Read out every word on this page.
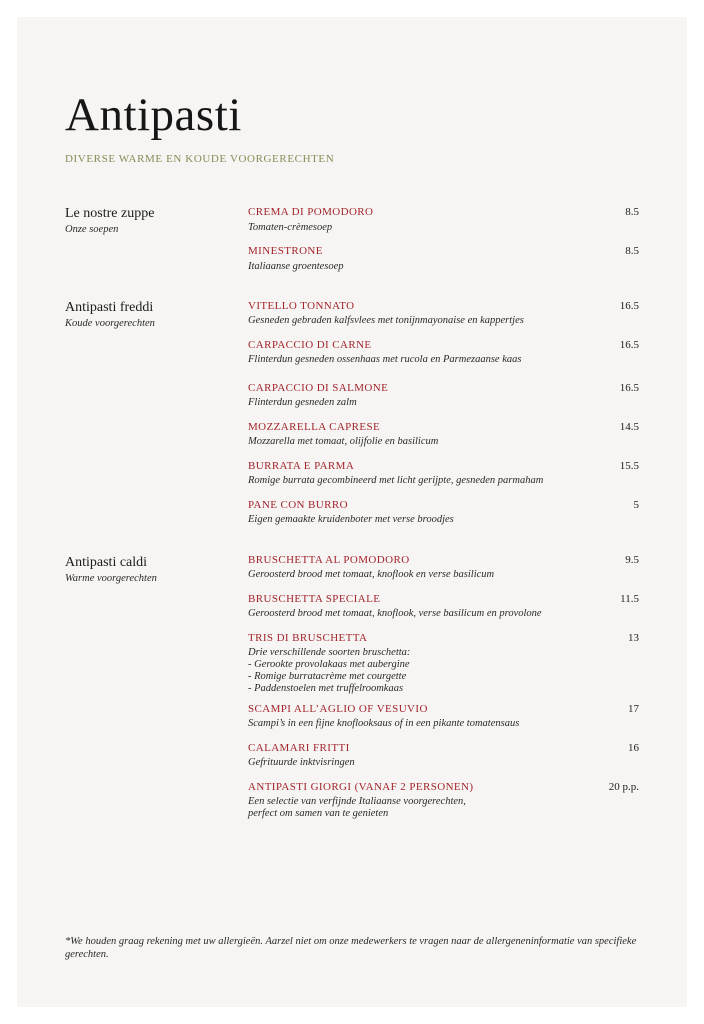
Antipasti
DIVERSE WARME EN KOUDE VOORGERECHTEN
Le nostre zuppe
Onze soepen
CREMA DI POMODORO	8.5
Tomaten-crèmesoep
MINESTRONE	8.5
Italiaanse groentesoep
Antipasti freddi
Koude voorgerechten
VITELLO TONNATO	16.5
Gesneden gebraden kalfsvlees met tonijnmayonaise en kappertjes
CARPACCIO DI CARNE	16.5
Flinterdun gesneden ossenhaas met rucola en Parmezaanse kaas
CARPACCIO DI SALMONE	16.5
Flinterdun gesneden zalm
MOZZARELLA CAPRESE	14.5
Mozzarella met tomaat, olijfolie en basilicum
BURRATA E PARMA	15.5
Romige burrata gecombineerd met licht gerijpte, gesneden parmaham
PANE CON BURRO	5
Eigen gemaakte kruidenboter met verse broodjes
Antipasti caldi
Warme voorgerechten
BRUSCHETTA AL POMODORO	9.5
Geroosterd brood met tomaat, knoflook en verse basilicum
BRUSCHETTA SPECIALE	11.5
Geroosterd brood met tomaat, knoflook, verse basilicum en provolone
TRIS DI BRUSCHETTA	13
Drie verschillende soorten bruschetta:
- Gerookte provolakaas met aubergine
- Romige burratacrème met courgette
- Paddenstoelen met truffelroomkaas
SCAMPI ALL’AGLIO OF VESUVIO	17
Scampi’s in een fijne knoflooksaus of in een pikante tomatensaus
CALAMARI FRITTI	16
Gefrituurde inktvisringen
ANTIPASTI GIORGI (VANAF 2 PERSONEN)	20 p.p.
Een selectie van verfijnde Italiaanse voorgerechten,
perfect om samen van te genieten
*We houden graag rekening met uw allergieën. Aarzel niet om onze medewerkers te vragen naar de allergeneninformatie van specifieke gerechten.
